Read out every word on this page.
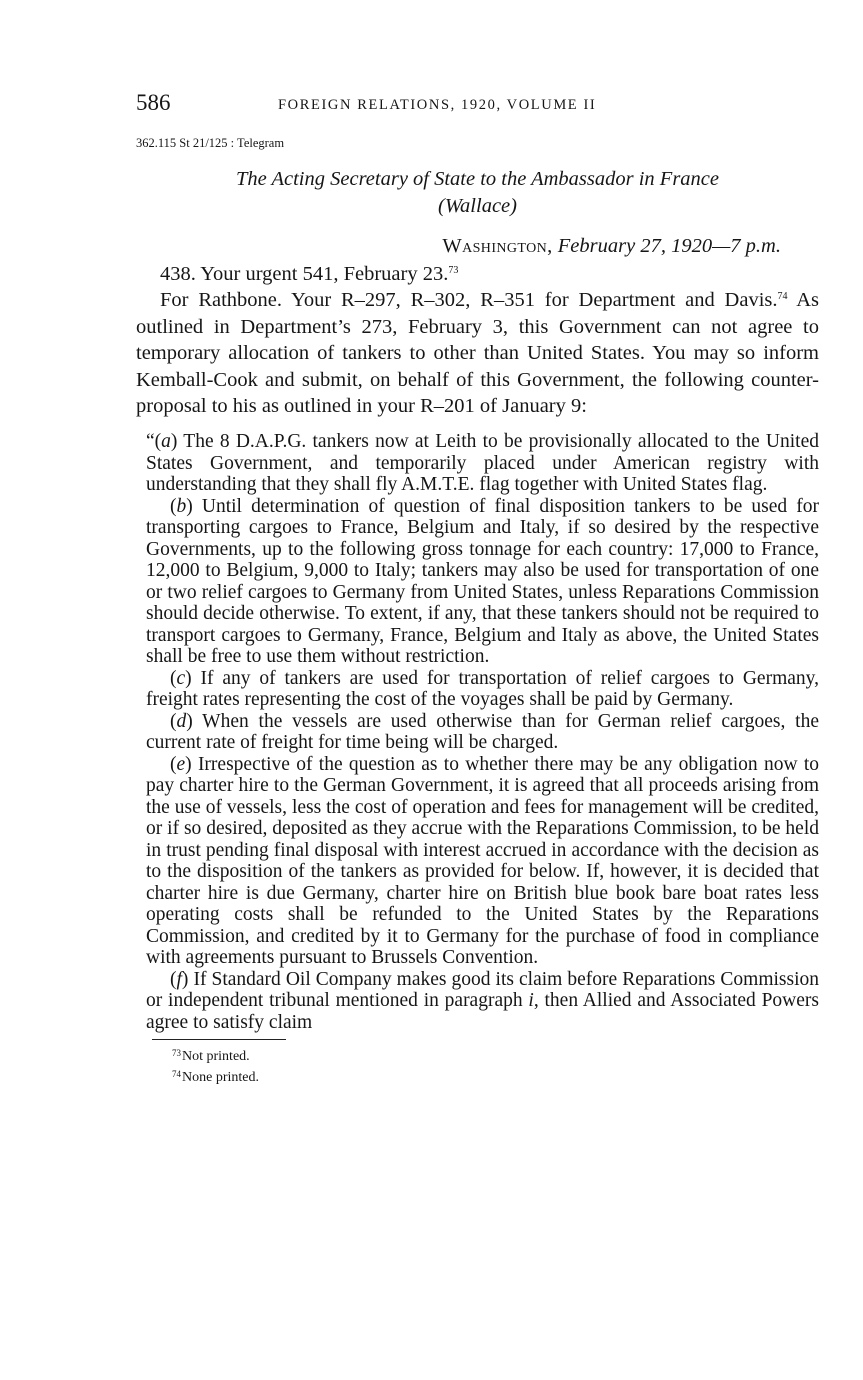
586	FOREIGN RELATIONS, 1920, VOLUME II
362.115 St 21/125 : Telegram
The Acting Secretary of State to the Ambassador in France
(Wallace)
Washington, February 27, 1920—7 p.m.

438. Your urgent 541, February 23.73

For Rathbone. Your R–297, R–302, R–351 for Department and Davis.$^{74}$ As outlined in Department’s 273, February 3, this Government can not agree to temporary allocation of tankers to other than United States. You may so inform Kemball-Cook and submit, on behalf of this Government, the following counter-proposal to his as outlined in your R–201 of January 9:

“(a) The 8 D.A.P.G. tankers now at Leith to be provisionally allocated to the United States Government, and temporarily placed under American registry with understanding that they shall fly A.M.T.E. flag together with United States flag.

(b) Until determination of question of final disposition tankers to be used for transporting cargoes to France, Belgium and Italy, if so desired by the respective Governments, up to the following gross tonnage for each country: 17,000 to France, 12,000 to Belgium, 9,000 to Italy; tankers may also be used for transportation of one or two relief cargoes to Germany from United States, unless Reparations Commission should decide otherwise. To extent, if any, that these tankers should not be required to transport cargoes to Germany, France, Belgium and Italy as above, the United States shall be free to use them without restriction.

(c) If any of tankers are used for transportation of relief cargoes to Germany, freight rates representing the cost of the voyages shall be paid by Germany.

(d) When the vessels are used otherwise than for German relief cargoes, the current rate of freight for time being will be charged.

(e) Irrespective of the question as to whether there may be any obligation now to pay charter hire to the German Government, it is agreed that all proceeds arising from the use of vessels, less the cost of operation and fees for management will be credited, or if so desired, deposited as they accrue with the Reparations Commission, to be held in trust pending final disposal with interest accrued in accordance with the decision as to the disposition of the tankers as provided for below. If, however, it is decided that charter hire is due Germany, charter hire on British blue book bare boat rates less operating costs shall be refunded to the United States by the Reparations Commission, and credited by it to Germany for the purchase of food in compliance with agreements pursuant to Brussels Convention.

(f) If Standard Oil Company makes good its claim before Reparations Commission or independent tribunal mentioned in paragraph i, then Allied and Associated Powers agree to satisfy claim

$^{73}$Not printed.
$^{74}$None printed.
